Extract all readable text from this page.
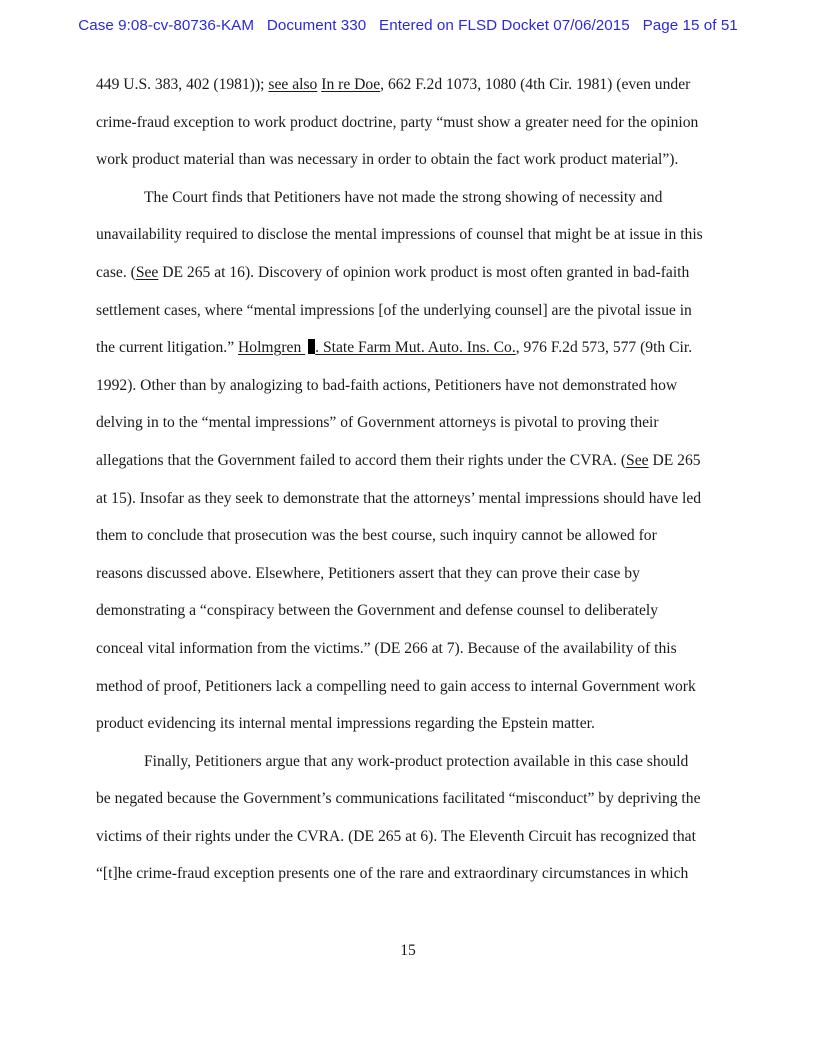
Case 9:08-cv-80736-KAM Document 330 Entered on FLSD Docket 07/06/2015 Page 15 of 51
449 U.S. 383, 402 (1981)); see also In re Doe, 662 F.2d 1073, 1080 (4th Cir. 1981) (even under
crime-fraud exception to work product doctrine, party “must show a greater need for the opinion
work product material than was necessary in order to obtain the fact work product material”).
The Court finds that Petitioners have not made the strong showing of necessity and
unavailability required to disclose the mental impressions of counsel that might be at issue in this
case. (See DE 265 at 16). Discovery of opinion work product is most often granted in bad-faith
settlement cases, where “mental impressions [of the underlying counsel] are the pivotal issue in
the current litigation.” Holmgren . State Farm Mut. Auto. Ins. Co., 976 F.2d 573, 577 (9th Cir.
1992). Other than by analogizing to bad-faith actions, Petitioners have not demonstrated how
delving in to the “mental impressions” of Government attorneys is pivotal to proving their
allegations that the Government failed to accord them their rights under the CVRA. (See DE 265
at 15). Insofar as they seek to demonstrate that the attorneys’ mental impressions should have led
them to conclude that prosecution was the best course, such inquiry cannot be allowed for
reasons discussed above. Elsewhere, Petitioners assert that they can prove their case by
demonstrating a “conspiracy between the Government and defense counsel to deliberately
conceal vital information from the victims.” (DE 266 at 7). Because of the availability of this
method of proof, Petitioners lack a compelling need to gain access to internal Government work
product evidencing its internal mental impressions regarding the Epstein matter.
Finally, Petitioners argue that any work-product protection available in this case should
be negated because the Government’s communications facilitated “misconduct” by depriving the
victims of their rights under the CVRA. (DE 265 at 6). The Eleventh Circuit has recognized that
“[t]he crime-fraud exception presents one of the rare and extraordinary circumstances in which
15
